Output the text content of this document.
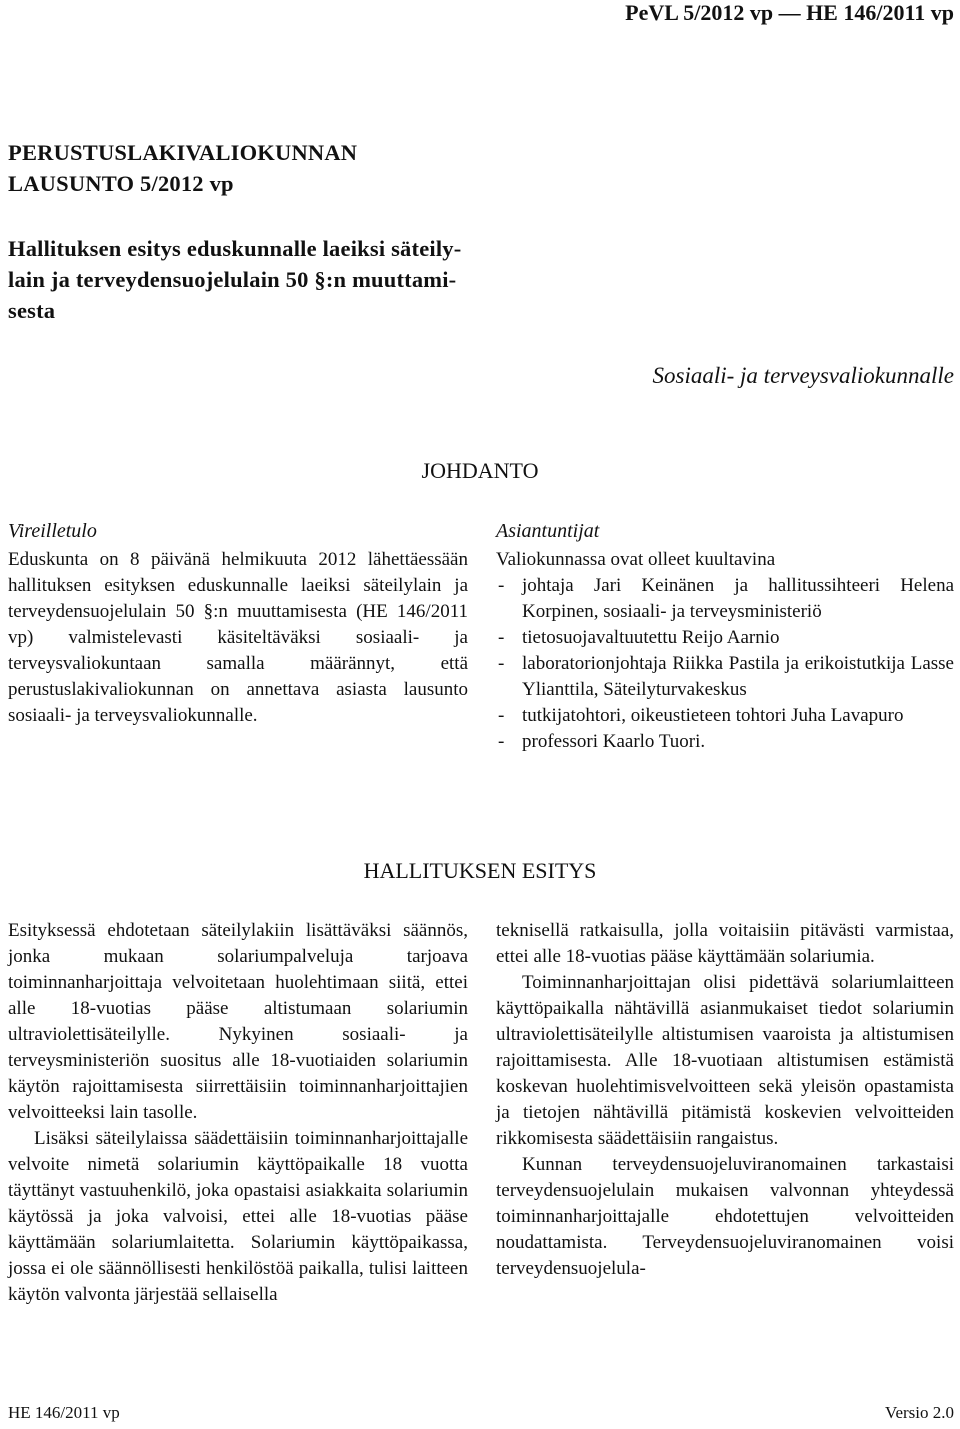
PeVL 5/2012 vp — HE 146/2011 vp
PERUSTUSLAKIVALIOKUNNAN
LAUSUNTO 5/2012 vp
Hallituksen esitys eduskunnalle laeiksi säteily-
lain ja terveydensuojelulain 50 §:n muuttami-
sesta
Sosiaali- ja terveysvaliokunnalle
JOHDANTO

Vireilletulo

Eduskunta on 8 päivänä helmikuuta 2012 lähettäessään hallituksen esityksen eduskunnalle laeiksi säteilylain ja terveydensuojelulain 50 §:n muuttamisesta (HE 146/2011 vp) valmistelevasti käsiteltäväksi sosiaali- ja terveysvaliokuntaan samalla määrännyt, että perustuslakivaliokunnan on annettava asiasta lausunto sosiaali- ja terveysvaliokunnalle.

Asiantuntijat

Valiokunnassa ovat olleet kuultavina

- johtaja Jari Keinänen ja hallitussihteeri Helena Korpinen, sosiaali- ja terveysministeriö
- tietosuojavaltuutettu Reijo Aarnio
- laboratorionjohtaja Riikka Pastila ja erikoistutkija Lasse Ylianttila, Säteilyturvakeskus
- tutkijatohtori, oikeustieteen tohtori Juha Lavapuro
- professori Kaarlo Tuori.
HALLITUKSEN ESITYS

Esityksessä ehdotetaan säteilylakiin lisättäväksi säännös, jonka mukaan solariumpalveluja tarjoava toiminnanharjoittaja velvoitetaan huolehtimaan siitä, ettei alle 18-vuotias pääse altistumaan solariumin ultraviolettisäteilylle. Nykyinen sosiaali- ja terveysministeriön suositus alle 18-vuotiaiden solariumin käytön rajoittamisesta siirrettäisiin toiminnanharjoittajien velvoitteeksi lain tasolle.

Lisäksi säteilylaissa säädettäisiin toiminnanharjoittajalle velvoite nimetä solariumin käyttöpaikalle 18 vuotta täyttänyt vastuuhenkilö, joka opastaisi asiakkaita solariumin käytössä ja joka valvoisi, ettei alle 18-vuotias pääse käyttämään solariumlaitetta. Solariumin käyttöpaikassa, jossa ei ole säännöllisesti henkilöstöä paikalla, tulisi laitteen käytön valvonta järjestää sellaisella

teknisellä ratkaisulla, jolla voitaisiin pitävästi varmistaa, ettei alle 18-vuotias pääse käyttämään solariumia.

Toiminnanharjoittajan olisi pidettävä solariumlaitteen käyttöpaikalla nähtävillä asianmukaiset tiedot solariumin ultraviolettisäteilylle altistumisen vaaroista ja altistumisen rajoittamisesta. Alle 18-vuotiaan altistumisen estämistä koskevan huolehtimisvelvoitteen sekä yleisön opastamista ja tietojen nähtävillä pitämistä koskevien velvoitteiden rikkomisesta säädettäisiin rangaistus.

Kunnan terveydensuojeluviranomainen tarkastaisi terveydensuojelulain mukaisen valvonnan yhteydessä toiminnanharjoittajalle ehdotettujen velvoitteiden noudattamista. Terveydensuojeluviranomainen voisi terveydensuojelula-

HE 146/2011 vp	Versio 2.0
